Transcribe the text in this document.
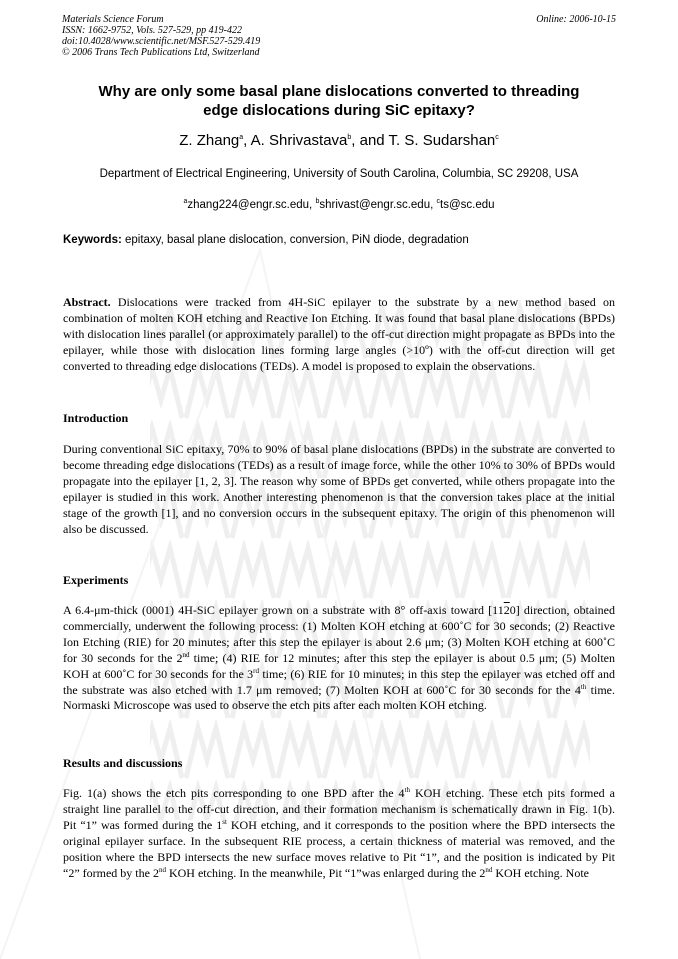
Materials Science Forum
ISSN: 1662-9752, Vols. 527-529, pp 419-422
doi:10.4028/www.scientific.net/MSF.527-529.419
© 2006 Trans Tech Publications Ltd, Switzerland
Online: 2006-10-15
Why are only some basal plane dislocations converted to threading
edge dislocations during SiC epitaxy?
Z. Zhang$^a$, A. Shrivastava$^b$, and T. S. Sudarshan$^c$
Department of Electrical Engineering, University of South Carolina, Columbia, SC 29208, USA
$^a$zhang224@engr.sc.edu, $^b$shrivast@engr.sc.edu, $^c$ts@sc.edu
Keywords: epitaxy, basal plane dislocation, conversion, PiN diode, degradation
Abstract. Dislocations were tracked from 4H-SiC epilayer to the substrate by a new method based on combination of molten KOH etching and Reactive Ion Etching. It was found that basal plane dislocations (BPDs) with dislocation lines parallel (or approximately parallel) to the off-cut direction might propagate as BPDs into the epilayer, while those with dislocation lines forming large angles (>10º) with the off-cut direction will get converted to threading edge dislocations (TEDs). A model is proposed to explain the observations.
Introduction
During conventional SiC epitaxy, 70% to 90% of basal plane dislocations (BPDs) in the substrate are converted to become threading edge dislocations (TEDs) as a result of image force, while the other 10% to 30% of BPDs would propagate into the epilayer [1, 2, 3]. The reason why some of BPDs get converted, while others propagate into the epilayer is studied in this work. Another interesting phenomenon is that the conversion takes place at the initial stage of the growth [1], and no conversion occurs in the subsequent epitaxy. The origin of this phenomenon will also be discussed.
Experiments
A 6.4-μm-thick (0001) 4H-SiC epilayer grown on a substrate with 8° off-axis toward [1120] direction, obtained commercially, underwent the following process: (1) Molten KOH etching at 600˚C for 30 seconds; (2) Reactive Ion Etching (RIE) for 20 minutes; after this step the epilayer is about 2.6 μm; (3) Molten KOH etching at 600˚C for 30 seconds for the 2nd time; (4) RIE for 12 minutes; after this step the epilayer is about 0.5 μm; (5) Molten KOH at 600˚C for 30 seconds for the 3rd time; (6) RIE for 10 minutes; in this step the epilayer was etched off and the substrate was also etched with 1.7 μm removed; (7) Molten KOH at 600˚C for 30 seconds for the 4th time. Normaski Microscope was used to observe the etch pits after each molten KOH etching.
Results and discussions
Fig. 1(a) shows the etch pits corresponding to one BPD after the 4th KOH etching. These etch pits formed a straight line parallel to the off-cut direction, and their formation mechanism is schematically drawn in Fig. 1(b). Pit “1” was formed during the 1st KOH etching, and it corresponds to the position where the BPD intersects the original epilayer surface. In the subsequent RIE process, a certain thickness of material was removed, and the position where the BPD intersects the new surface moves relative to Pit “1”, and the position is indicated by Pit “2” formed by the 2nd KOH etching. In the meanwhile, Pit “1”was enlarged during the 2nd KOH etching. Note
